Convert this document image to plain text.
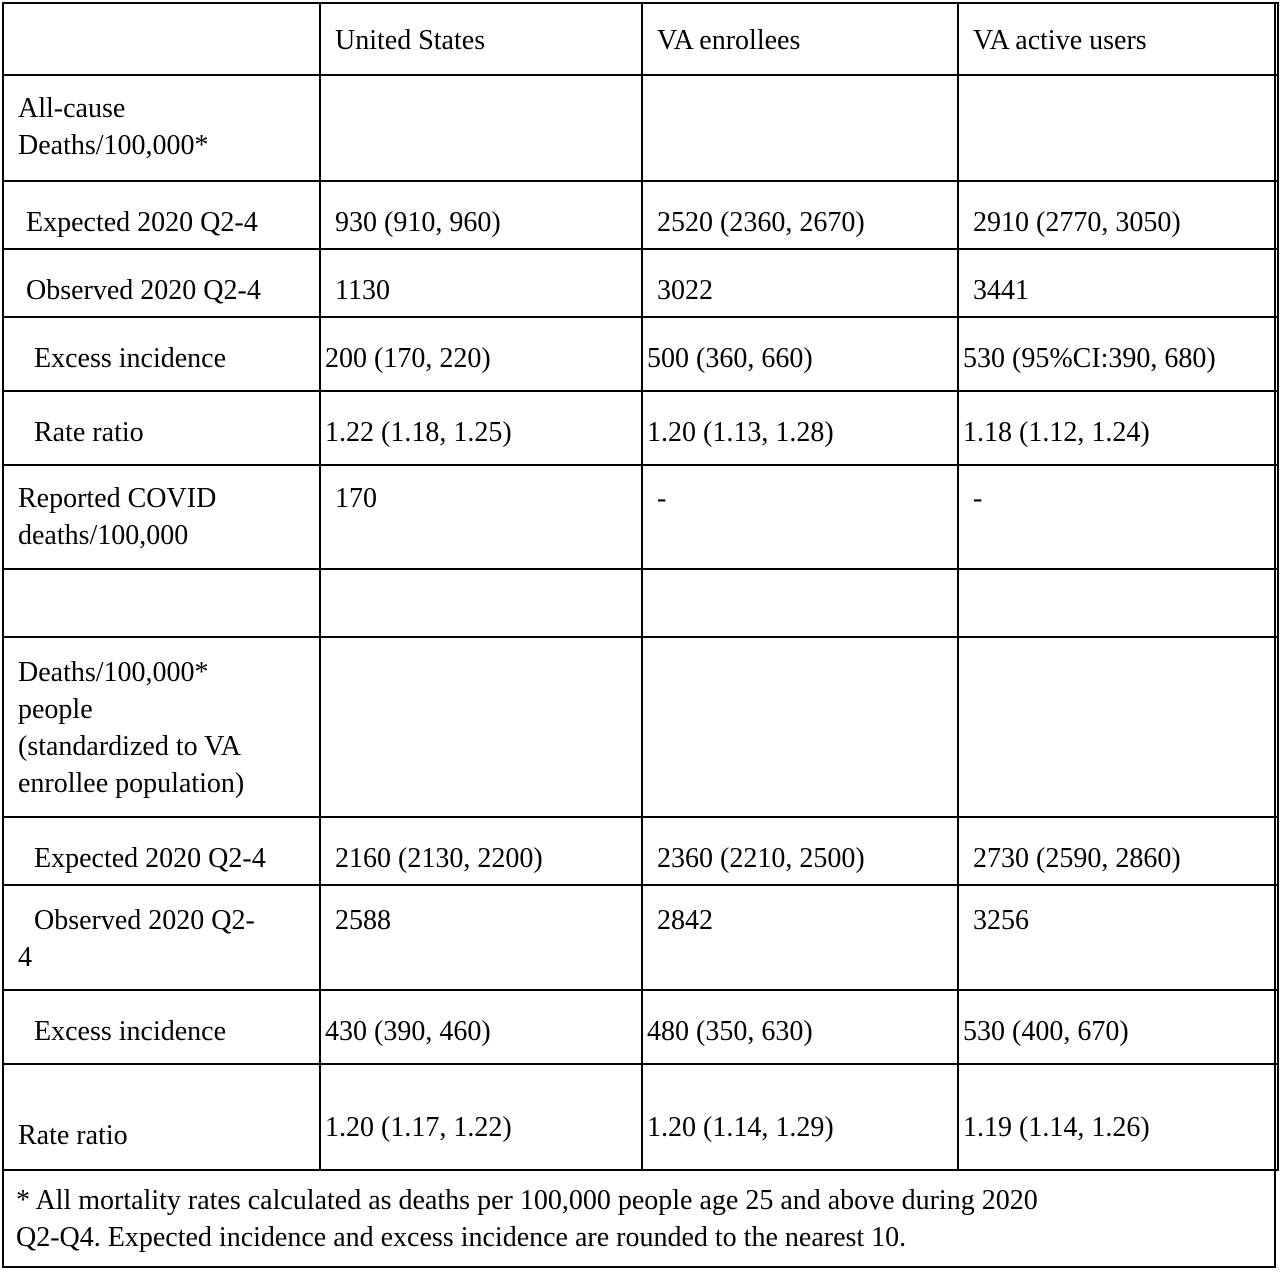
	United States	VA enrollees	VA active users

All-cause
Deaths/100,000*			

Expected 2020 Q2-4	930 (910, 960)	2520 (2360, 2670)	2910 (2770, 3050)

Observed 2020 Q2-4	1130	3022	3441

Excess incidence	200 (170, 220)	500 (360, 660)	530 (95%CI:390, 680)

Rate ratio	1.22 (1.18, 1.25)	1.20 (1.13, 1.28)	1.18 (1.12, 1.24)

Reported COVID
deaths/100,000	170	-	-

Deaths/100,000*
people
(standardized to VA
enrollee population)			

Expected 2020 Q2-4	2160 (2130, 2200)	2360 (2210, 2500)	2730 (2590, 2860)

Observed 2020 Q2-
4	2588	2842	3256

Excess incidence	430 (390, 460)	480 (350, 630)	530 (400, 670)

Rate ratio	1.20 (1.17, 1.22)	1.20 (1.14, 1.29)	1.19 (1.14, 1.26)
* All mortality rates calculated as deaths per 100,000 people age 25 and above during 2020
Q2-Q4. Expected incidence and excess incidence are rounded to the nearest 10.
